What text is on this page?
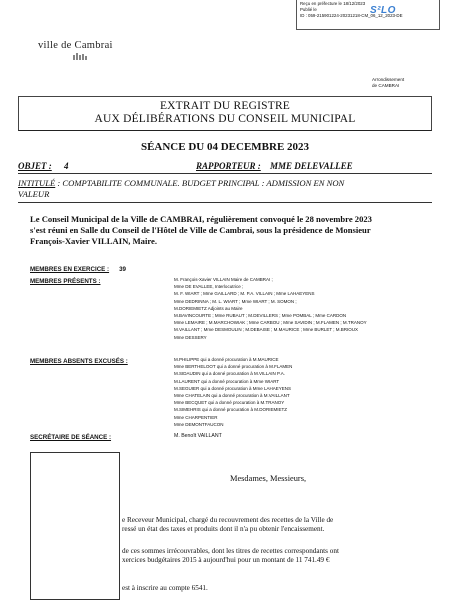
Reçu en préfecture le 18/12/2023
Publié le
ID : 059-215901224-20231218-CM_06_12_2023-DE
S²LO
ville de Cambrai
Arrondissement
de CAMBRAI
EXTRAIT DU REGISTRE
AUX DÉLIBÉRATIONS DU CONSEIL MUNICIPAL
SÉANCE DU 04 DECEMBRE 2023
OBJET : 4	RAPPORTEUR : MME DELEVALLEE
INTITULÉ : COMPTABILITE COMMUNALE. BUDGET PRINCIPAL : ADMISSION EN NON
VALEUR
Le Conseil Municipal de la Ville de CAMBRAI, régulièrement convoqué le 28 novembre 2023
s'est réuni en Salle du Conseil de l'Hôtel de Ville de Cambrai, sous la présidence de Monsieur
François-Xavier VILLAIN, Maire.
MEMBRES EN EXERCICE : 39
MEMBRES PRÉSENTS :	M. François-Xavier VILLAIN Maire de CAMBRAI ;
Mme DE EVALLEE, Interlocutrice ;
M. F. WIART ; Mme GAILLARD ; M. P.A. VILLAIN ; Mme LAHAEYENS
Mme DEDRINNA ; M. L. WIART ; Mme WIART ; M. SOMON ;
M.DORIEMIETZ Adjoints au Maire
M.BAVINCOURTE ; Mme RUBAUT ; M.DEVILLERS ; Mme POMBAL ; Mme CARDON
Mme LEMAIRE ; M.MARCHOWIAK ; Mme CARBOU ; Mme SAVIDIN ; M.FLAMEN ; M.TRANOY
M.VAILLANT ; Mme DESMOULIN ; M.DEBAISE ; M.MAURICE ; Mme BURLET ; M.BRIOUX
Mme DESSERY
MEMBRES ABSENTS EXCUSÉS :	M.PHILIPPE qui a donné procuration à M.MAURICE
Mme BERTHELOOT qui a donné procuration à M.FLAMEN
M.SIDAUDIN qui a donné procuration à M.VILLAIN P.A.
M.LAURENT qui a donné procuration à Mme WIART
M.SEGUIER qui a donné procuration à Mme LAHAEYENS
Mme CHATELAIN qui a donné procuration à M.VAILLANT
Mme BECQUET qui a donné procuration à M.TRANOY
M.SIMEHRIS qui a donné procuration à M.DORIEMIETZ
Mme CHARPENTIER
Mme DEMONTFAUCON
SECRÉTAIRE DE SÉANCE :	M. Benoît VAILLANT
Mesdames, Messieurs,
e Receveur Municipal, chargé du recouvrement des recettes de la Ville de
ressé un état des taxes et produits dont il n'a pu obtenir l'encaissement.
de ces sommes irrécouvrables, dont les titres de recettes correspondants ont
xercices budgétaires 2015 à aujourd'hui pour un montant de 11 741.49 €
est à inscrire au compte 6541.
